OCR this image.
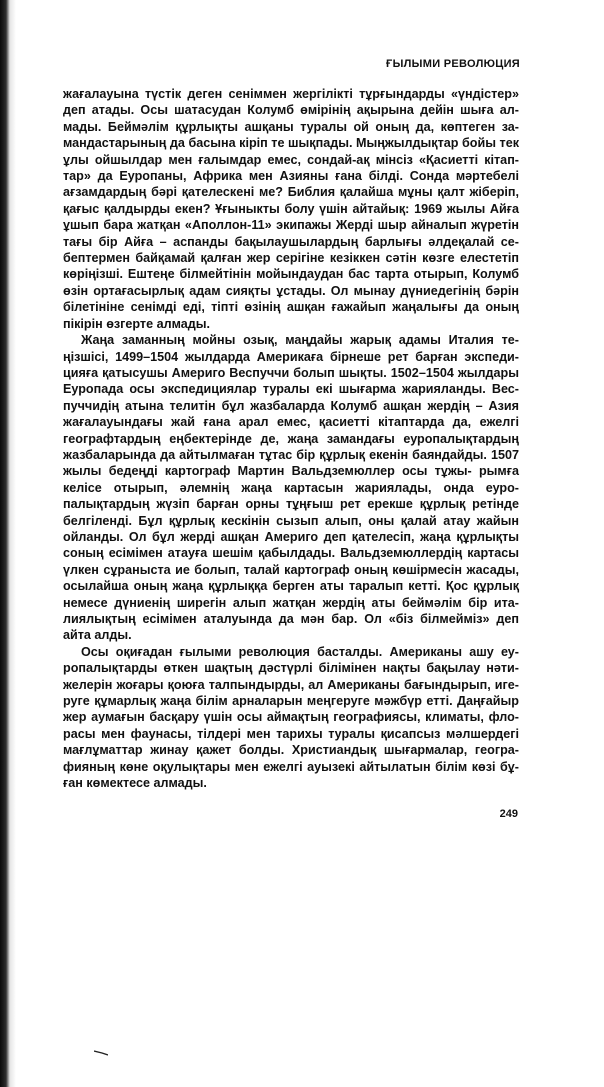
ҒЫЛЫМИ РЕВОЛЮЦИЯ

жағалауына түстік деген сеніммен жергілікті тұрғындарды «үндістер» деп атады. Осы шатасудан Колумб өмірінің ақырына дейін шыға ал- мады. Беймәлім құрлықты ашқаны туралы ой оның да, көптеген за- мандастарының да басына кіріп те шықпады. Мыңжылдықтар бойы тек ұлы ойшылдар мен ғалымдар емес, сондай-ақ мінсіз «Қасиетті кітап- тар» да Еуропаны, Африка мен Азияны ғана білді. Сонда мәртебелі ағзамдардың бәрі қателескені ме? Библия қалайша мұны қалт жіберіп, қағыс қалдырды екен? Ұғыныкты болу үшін айтайық: 1969 жылы Айға ұшып бара жатқан «Аполлон-11» экипажы Жерді шыр айналып жүретін тағы бір Айға – аспанды бақылаушылардың барлығы әлдеқалай се- бептермен байқамай қалған жер серігіне кезіккен сәтін көзге елестетіп көріңізші. Ештеңе білмейтінін мойындаудан бас тарта отырып, Колумб өзін ортағасырлық адам сияқты ұстады. Ол мынау дүниедегінің бәрін білетініне сенімді еді, тіпті өзінің ашқан ғажайып жаңалығы да оның пікірін өзгерте алмады.

Жаңа заманның мойны озық, маңдайы жарық адамы Италия те- ңізшісі, 1499–1504 жылдарда Америкаға бірнеше рет барған экспеди- цияға қатысушы Америго Веспуччи болып шықты. 1502–1504 жылдары Еуропада осы экспедициялар туралы екі шығарма жарияланды. Вес- пуччидің атына телитін бұл жазбаларда Колумб ашқан жердің – Азия жағалауындағы жай ғана арал емес, қасиетті кітаптарда да, ежелгі географтардың еңбектерінде де, жаңа замандағы еуропалықтардың жазбаларында да айтылмаған тұтас бір құрлық екенін баяндайды. 1507 жылы бедеңді картограф Мартин Вальдземюллер осы тұжы- рымға келісе отырып, әлемнің жаңа картасын жариялады, онда еуро- палықтардың жүзіп барған орны тұңғыш рет ерекше құрлық ретінде белгіленді. Бұл құрлық кескінін сызып алып, оны қалай атау жайын ойланды. Ол бұл жерді ашқан Америго деп қателесіп, жаңа құрлықты соның есімімен атауға шешім қабылдады. Вальдземюллердің картасы үлкен сұраныста ие болып, талай картограф оның көшірмесін жасады, осылайша оның жаңа құрлыққа берген аты таралып кетті. Қос құрлық немесе дүниенің ширегін алып жатқан жердің аты беймәлім бір ита- лиялықтың есімімен аталуында да мән бар. Ол «біз білмейміз» деп айта алды.

Осы оқиғадан ғылыми революция басталды. Американы ашу еу- ропалықтарды өткен шақтың дәстүрлі білімінен нақты бақылау нәти- желерін жоғары қоюға талпындырды, ал Американы бағындырып, иге- руге құмарлық жаңа білім арналарын меңгеруге мәжбүр етті. Даңғайыр жер аумағын басқару үшін осы аймақтың географиясы, климаты, фло- расы мен фаунасы, тілдері мен тарихы туралы қисапсыз мәлшердегі мағлұматтар жинау қажет болды. Христиандық шығармалар, геогра- фияның көне оқулықтары мен ежелгі ауызекі айтылатын білім көзі бұ- ған көмектесе алмады.

249
